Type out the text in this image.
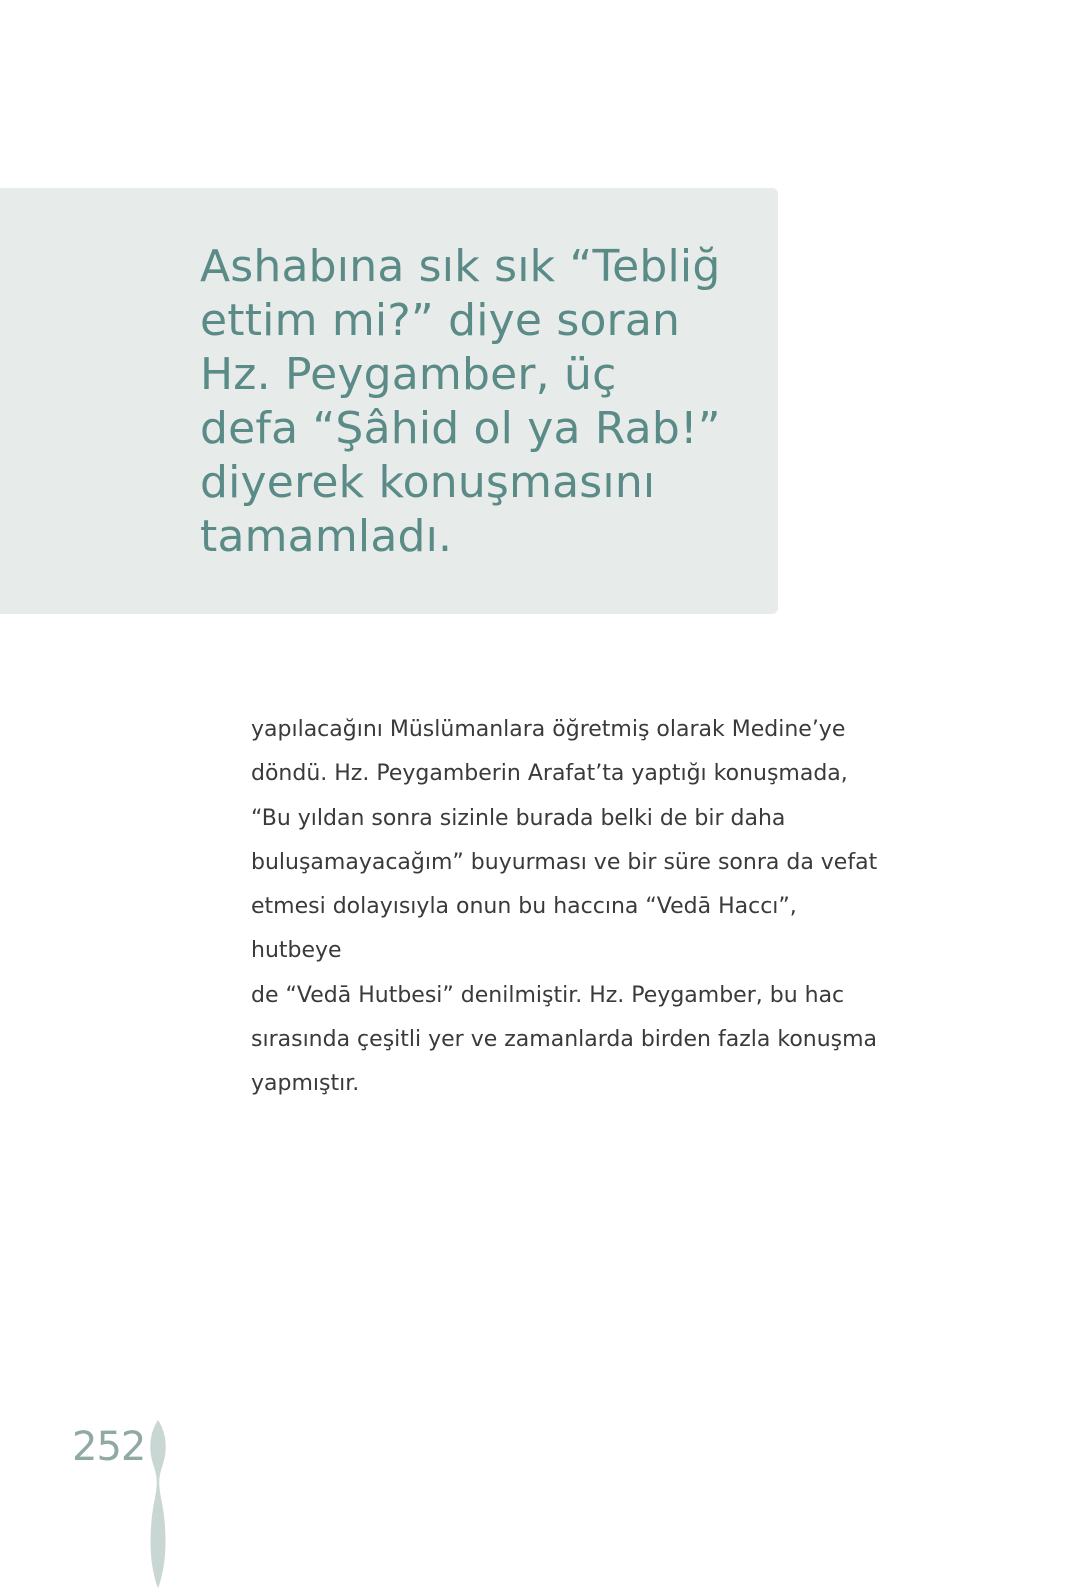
Ashabına sık sık “Tebliğ
ettim mi?” diye soran
Hz. Peygamber, üç
defa “Şâhid ol ya Rab!”
diyerek konuşmasını
tamamladı.

yapılacağını Müslümanlara öğretmiş olarak Medine’ye
döndü. Hz. Peygamberin Arafat’ta yaptığı konuşmada,
“Bu yıldan sonra sizinle burada belki de bir daha
buluşamayacağım” buyurması ve bir süre sonra da vefat
etmesi dolayısıyla onun bu haccına “Vedā Haccı”, hutbeye
de “Vedā Hutbesi” denilmiştir. Hz. Peygamber, bu hac
sırasında çeşitli yer ve zamanlarda birden fazla konuşma
yapmıştır.

252
